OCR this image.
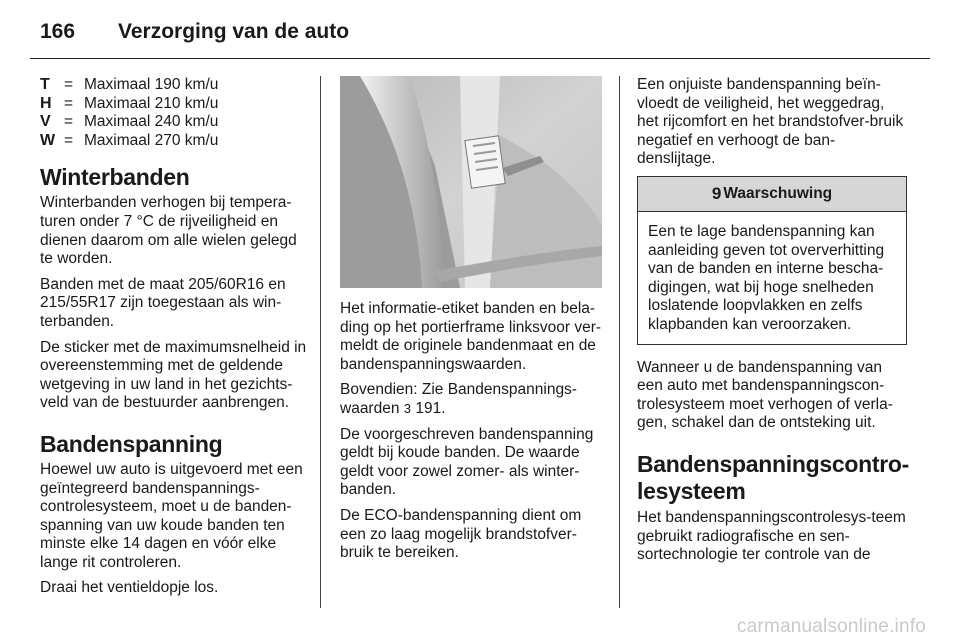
166 Verzorging van de auto
T = Maximaal 190 km/u
H = Maximaal 210 km/u
V = Maximaal 240 km/u
W = Maximaal 270 km/u
Winterbanden

Winterbanden verhogen bij tempera-turen onder 7 °C de rijveiligheid en dienen daarom om alle wielen gelegd te worden.

Banden met de maat 205/60R16 en 215/55R17 zijn toegestaan als win-terbanden.

De sticker met de maximumsnelheid in overeenstemming met de geldende wetgeving in uw land in het gezichts-veld van de bestuurder aanbrengen.

Bandenspanning

Hoewel uw auto is uitgevoerd met een geïntegreerd bandenspannings-controlesysteem, moet u de banden-spanning van uw koude banden ten minste elke 14 dagen en vóór elke lange rit controleren.

Draai het ventieldopje los.

Het informatie-etiket banden en bela-ding op het portierframe linksvoor ver-meldt de originele bandenmaat en de bandenspanningswaarden.

Bovendien: Zie Bandenspannings-waarden 3 191.

De voorgeschreven bandenspanning geldt bij koude banden. De waarde geldt voor zowel zomer- als winter-banden.

De ECO-bandenspanning dient om een zo laag mogelijk brandstofver-bruik te bereiken.

Een onjuiste bandenspanning beïn-vloedt de veiligheid, het weggedrag, het rijcomfort en het brandstofver-bruik negatief en verhoogt de ban-denslijtage.

9 Waarschuwing
Een te lage bandenspanning kan aanleiding geven tot oververhitting van de banden en interne bescha-digingen, wat bij hoge snelheden loslatende loopvlakken en zelfs klapbanden kan veroorzaken.

Wanneer u de bandenspanning van een auto met bandenspanningscon-trolesysteem moet verhogen of verla-gen, schakel dan de ontsteking uit.

Bandenspanningscontro-lesysteem

Het bandenspanningscontrolesys-teem gebruikt radiografische en sen-sortechnologie ter controle van de

carmanualsonline.info
